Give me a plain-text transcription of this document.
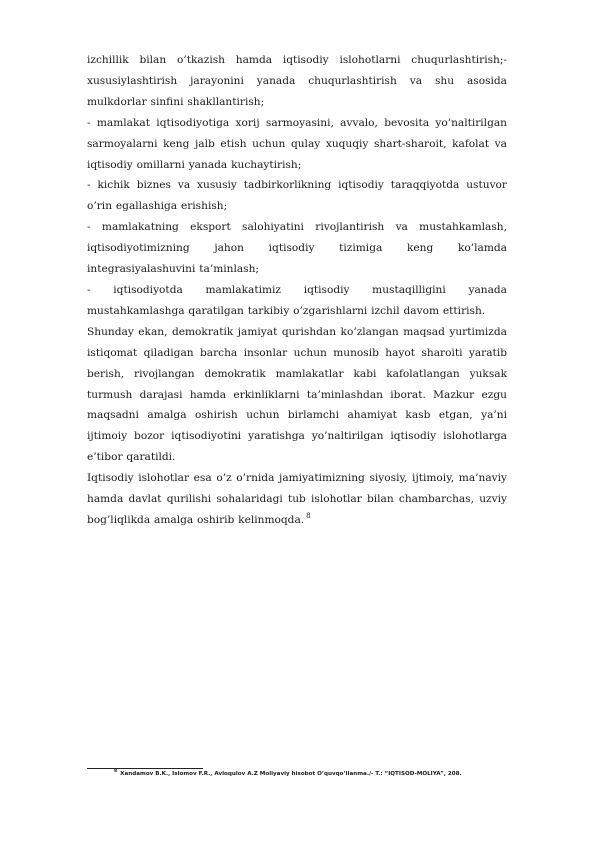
izchillik bilan o’tkazish hamda iqtisodiy islohotlarni chuqurlashtirish;- xususiylashtirish jarayonini yanada chuqurlashtirish va shu asosida mulkdorlar sinfini shakllantirish;

- mamlakat iqtisodiyotiga xorij sarmoyasini, avvalo, bevosita yo’naltirilgan sarmoyalarni keng jalb etish uchun qulay xuquqiy shart-sharoit, kafolat va iqtisodiy omillarni yanada kuchaytirish;

- kichik biznes va xususiy tadbirkorlikning iqtisodiy taraqqiyotda ustuvor o’rin egallashiga erishish;

- mamlakatning eksport salohiyatini rivojlantirish va mustahkamlash, iqtisodiyotimizning jahon iqtisodiy tizimiga keng ko’lamda integrasiyalashuvini ta’minlash;

- iqtisodiyotda mamlakatimiz iqtisodiy mustaqilligini yanada mustahkamlashga qaratilgan tarkibiy o’zgarishlarni izchil davom ettirish.

Shunday ekan, demokratik jamiyat qurishdan ko’zlangan maqsad yurtimizda istiqomat qiladigan barcha insonlar uchun munosib hayot sharoiti yaratib berish, rivojlangan demokratik mamlakatlar kabi kafolatlangan yuksak turmush darajasi hamda erkinliklarni ta’minlashdan iborat. Mazkur ezgu maqsadni amalga oshirish uchun birlamchi ahamiyat kasb etgan, ya’ni ijtimoiy bozor iqtisodiyotini yaratishga yo’naltirilgan iqtisodiy islohotlarga e’tibor qaratildi.

Iqtisodiy islohotlar esa o’z o’rnida jamiyatimizning siyosiy, ijtimoiy, ma’naviy hamda davlat qurilishi sohalaridagi tub islohotlar bilan chambarchas, uzviy bog’liqlikda amalga oshirib kelinmoqda. $^8$

$^8$ Xandamov B.K., Islomov F.R., Avloqulov A.Z Moliyaviy hisobot O’quvqo’llanma./- T.: “IQTISOD-MOLIYA”, 208.
